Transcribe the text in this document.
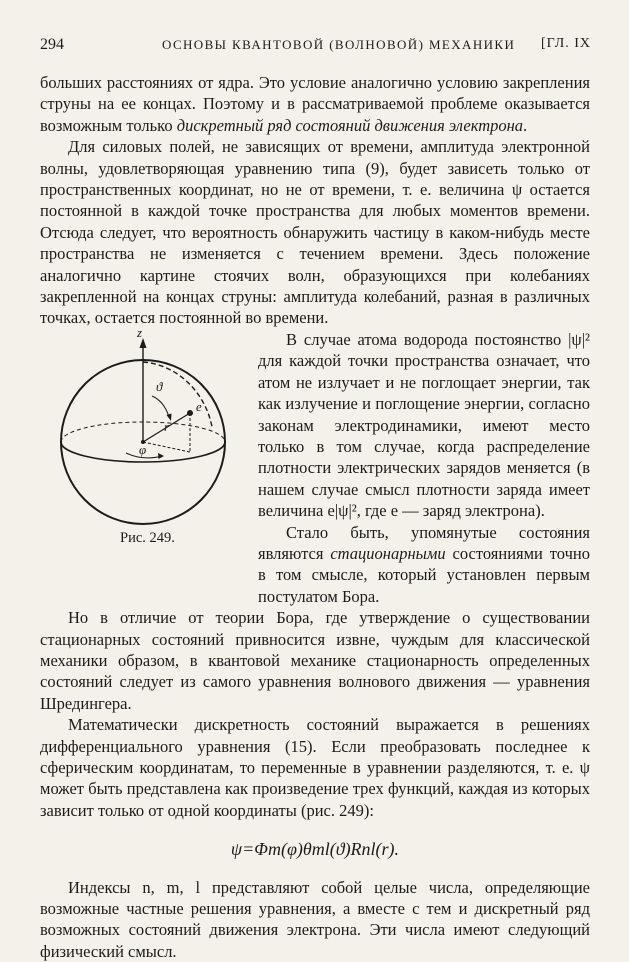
294	ОСНОВЫ КВАНТОВОЙ (ВОЛНОВОЙ) МЕХАНИКИ [ГЛ. IX

больших расстояниях от ядра. Это условие аналогично условию закрепления струны на ее концах. Поэтому и в рассматриваемой проблеме оказывается возможным только дискретный ряд состояний движения электрона.

Для силовых полей, не зависящих от времени, амплитуда электронной волны, удовлетворяющая уравнению типа (9), будет зависеть только от пространственных координат, но не от времени, т. е. величина ψ остается постоянной в каждой точке пространства для любых моментов времени. Отсюда следует, что вероятность обнаружить частицу в каком-нибудь месте пространства не изменяется с течением времени. Здесь положение аналогично картине стоячих волн, образующихся при колебаниях закрепленной на концах струны: амплитуда колебаний, разная в различных точках, остается постоянной во времени.

z
ϑ
e
r
φ
Рис. 249.

В случае атома водорода постоянство |ψ|² для каждой точки пространства означает, что атом не излучает и не поглощает энергии, так как излучение и поглощение энергии, согласно законам электродинамики, имеют место только в том случае, когда распределение плотности электрических зарядов меняется (в нашем случае смысл плотности заряда имеет величина e|ψ|², где e — заряд электрона).

Стало быть, упомянутые состояния являются стационарными состояниями точно в том смысле, который установлен первым постулатом Бора.

Но в отличие от теории Бора, где утверждение о существовании стационарных состояний привносится извне, чуждым для классической механики образом, в квантовой механике стационарность определенных состояний следует из самого уравнения волнового движения — уравнения Шредингера.

Математически дискретность состояний выражается в решениях дифференциального уравнения (15). Если преобразовать последнее к сферическим координатам, то переменные в уравнении разделяются, т. е. ψ может быть представлена как произведение трех функций, каждая из которых зависит только от одной координаты (рис. 249):

ψ=Φm(φ)θml(ϑ)Rnl(r).

Индексы n, m, l представляют собой целые числа, определяющие возможные частные решения уравнения, а вместе с тем и дискретный ряд возможных состояний движения электрона. Эти числа имеют следующий физический смысл.
